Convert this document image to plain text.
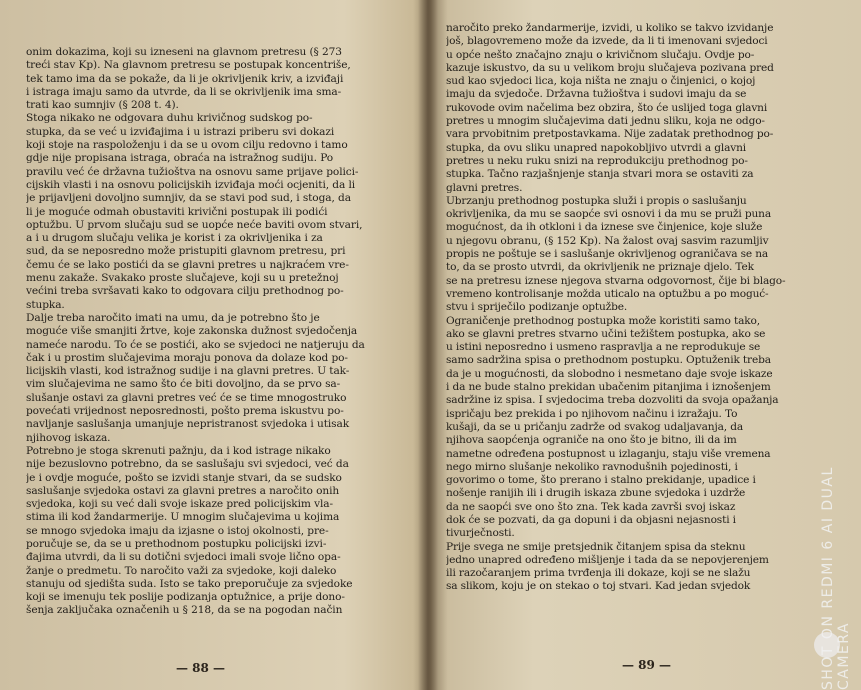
onim dokazima, koji su izneseni na glavnom pretresu (§ 273
treći stav Kp). Na glavnom pretresu se postupak koncentriše,
tek tamo ima da se pokaže, da li je okrivljenik kriv, a izviđaji
i istraga imaju samo da utvrde, da li se okrivljenik ima sma-
trati kao sumnjiv (§ 208 t. 4).
Stoga nikako ne odgovara duhu krivičnog sudskog po-
stupka, da se već u izviđajima i u istrazi priberu svi dokazi
koji stoje na raspoloženju i da se u ovom cilju redovno i tamo
gdje nije propisana istraga, obraća na istražnog sudiju. Po
pravilu već će državna tužioštva na osnovu same prijave polici-
cijskih vlasti i na osnovu policijskih izviđaja moći ocjeniti, da li
je prijavljeni dovoljno sumnjiv, da se stavi pod sud, i stoga, da
li je moguće odmah obustaviti krivični postupak ili podići
optužbu. U prvom slučaju sud se uopće neće baviti ovom stvari,
a i u drugom slučaju velika je korist i za okrivljenika i za
sud, da se neposredno može pristupiti glavnom pretresu, pri
čemu će se lako postići da se glavni pretres u najkraćem vre-
menu zakaže. Svakako proste slučajeve, koji su u pretežnoj
većini treba svršavati kako to odgovara cilju prethodnog po-
stupka.
Dalje treba naročito imati na umu, da je potrebno što je
moguće više smanjiti žrtve, koje zakonska dužnost svjedočenja
nameće narodu. To će se postići, ako se svjedoci ne natjeruju da
čak i u prostim slučajevima moraju ponova da dolaze kod po-
licijskih vlasti, kod istražnog sudije i na glavni pretres. U tak-
vim slučajevima ne samo što će biti dovoljno, da se prvo sa-
slušanje ostavi za glavni pretres već će se time mnogostruko
povećati vrijednost neposrednosti, pošto prema iskustvu po-
navljanje saslušanja umanjuje nepristranost svjedoka i utisak
njihovog iskaza.
Potrebno je stoga skrenuti pažnju, da i kod istrage nikako
nije bezuslovno potrebno, da se saslušaju svi svjedoci, već da
je i ovdje moguće, pošto se izvidi stanje stvari, da se sudsko
saslušanje svjedoka ostavi za glavni pretres a naročito onih
svjedoka, koji su već dali svoje iskaze pred policijskim vla-
stima ili kod žandarmerije. U mnogim slučajevima u kojima
se mnogo svjedoka imaju da izjasne o istoj okolnosti, pre-
poručuje se, da se u prethodnom postupku policijski izvi-
đajima utvrdi, da li su dotični svjedoci imali svoje lično opa-
žanje o predmetu. To naročito važi za svjedoke, koji daleko
stanuju od sjedišta suda. Isto se tako preporučuje za svjedoke
koji se imenuju tek poslije podizanja optužnice, a prije dono-
šenja zaključaka označenih u § 218, da se na pogodan način
— 88 —
naročito preko žandarmerije, izvidi, u koliko se takvo izvidanje
još, blagovremeno može da izvede, da li ti imenovani svjedoci
u opće nešto značajno znaju o krivičnom slučaju. Ovdje po-
kazuje iskustvo, da su u velikom broju slučajeva pozivana pred
sud kao svjedoci lica, koja ništa ne znaju o činjenici, o kojoj
imaju da svjedoče. Državna tužioštva i sudovi imaju da se
rukovode ovim načelima bez obzira, što će uslijed toga glavni
pretres u mnogim slučajevima dati jednu sliku, koja ne odgo-
vara prvobitnim pretpostavkama. Nije zadatak prethodnog po-
stupka, da ovu sliku unapred napokobljivo utvrdi a glavni
pretres u neku ruku snizi na reprodukciju prethodnog po-
stupka. Tačno razjašnjenje stanja stvari mora se ostaviti za
glavni pretres.
Ubrzanju prethodnog postupka služi i propis o saslušanju
okrivljenika, da mu se saopće svi osnovi i da mu se pruži puna
mogućnost, da ih otkloni i da iznese sve činjenice, koje služe
u njegovu obranu, (§ 152 Kp). Na žalost ovaj sasvim razumljiv
propis ne poštuje se i saslušanje okrivljenog ograničava se na
to, da se prosto utvrdi, da okrivljenik ne priznaje djelo. Tek
se na pretresu iznese njegova stvarna odgovornost, čije bi blago-
vremeno kontrolisanje možda uticalo na optužbu a po moguć-
stvu i spriječilo podizanje optužbe.
Ograničenje prethodnog postupka može koristiti samo tako,
ako se glavni pretres stvarno učini težištem postupka, ako se
u istini neposredno i usmeno raspravlja a ne reprodukuje se
samo sadržina spisa o prethodnom postupku. Optuženik treba
da je u mogućnosti, da slobodno i nesmetano daje svoje iskaze
i da ne bude stalno prekidan ubačenim pitanjima i iznošenjem
sadržine iz spisa. I svjedocima treba dozvoliti da svoja opažanja
ispričaju bez prekida i po njihovom načinu i izražaju. To
kušaji, da se u pričanju zadrže od svakog udaljavanja, da
njihova saopćenja ograniče na ono što je bitno, ili da im
nametne određena postupnost u izlaganju, staju više vremena
nego mirno slušanje nekoliko ravnodušnih pojedinosti, i
govorimo o tome, što prerano i stalno prekidanje, upadice i
nošenje ranijih ili i drugih iskaza zbune svjedoka i uzdrže
da ne saopći sve ono što zna. Tek kada završi svoj iskaz
dok će se pozvati, da ga dopuni i da objasni nejasnosti i
tivurječnosti.
Prije svega ne smije pretsjednik čitanjem spisa da steknu
jedno unapred određeno mišljenje i tada da se nepovjerenjem
ili razočaranjem prima tvrđenja ili dokaze, koji se ne slažu
sa slikom, koju je on stekao o toj stvari. Kad jedan svjedok
— 89 —	SHOT ON REDMI 6 AI DUAL CAMERA
